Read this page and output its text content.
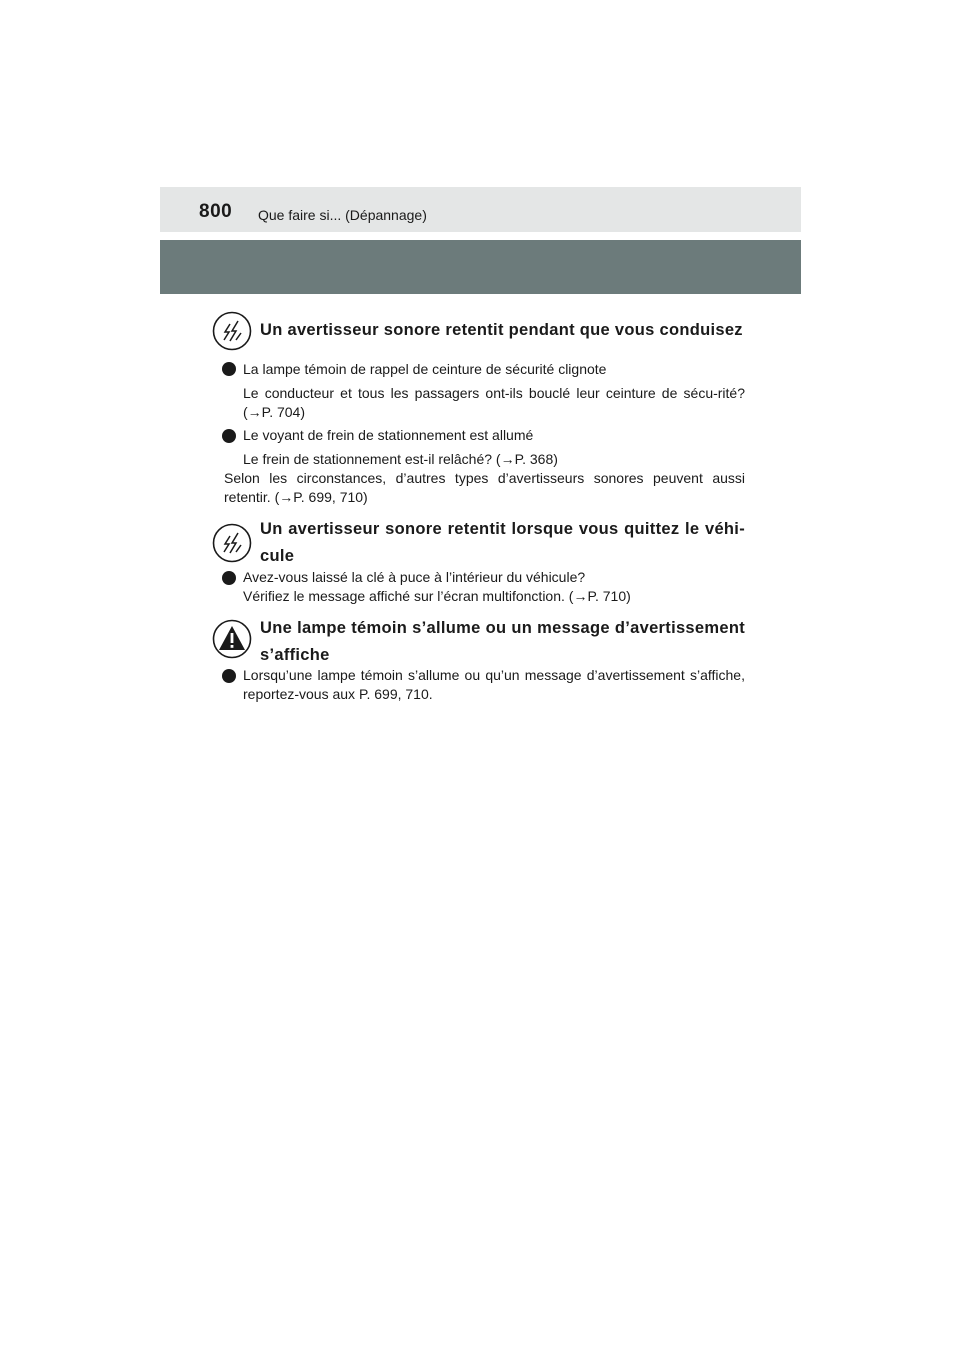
800 Que faire si... (Dépannage)
Un avertisseur sonore retentit pendant que vous conduisez
La lampe témoin de rappel de ceinture de sécurité clignote
Le conducteur et tous les passagers ont-ils bouclé leur ceinture de sécu-rité? (→P. 704)
Le voyant de frein de stationnement est allumé
Le frein de stationnement est-il relâché? (→P. 368)
Selon les circonstances, d’autres types d’avertisseurs sonores peuvent aussi retentir. (→P. 699, 710)
Un avertisseur sonore retentit lorsque vous quittez le véhi-cule
Avez-vous laissé la clé à puce à l’intérieur du véhicule?
Vérifiez le message affiché sur l’écran multifonction. (→P. 710)
Une lampe témoin s’allume ou un message d’avertissement s’affiche
Lorsqu’une lampe témoin s’allume ou qu’un message d’avertissement s’affiche, reportez-vous aux P. 699, 710.
